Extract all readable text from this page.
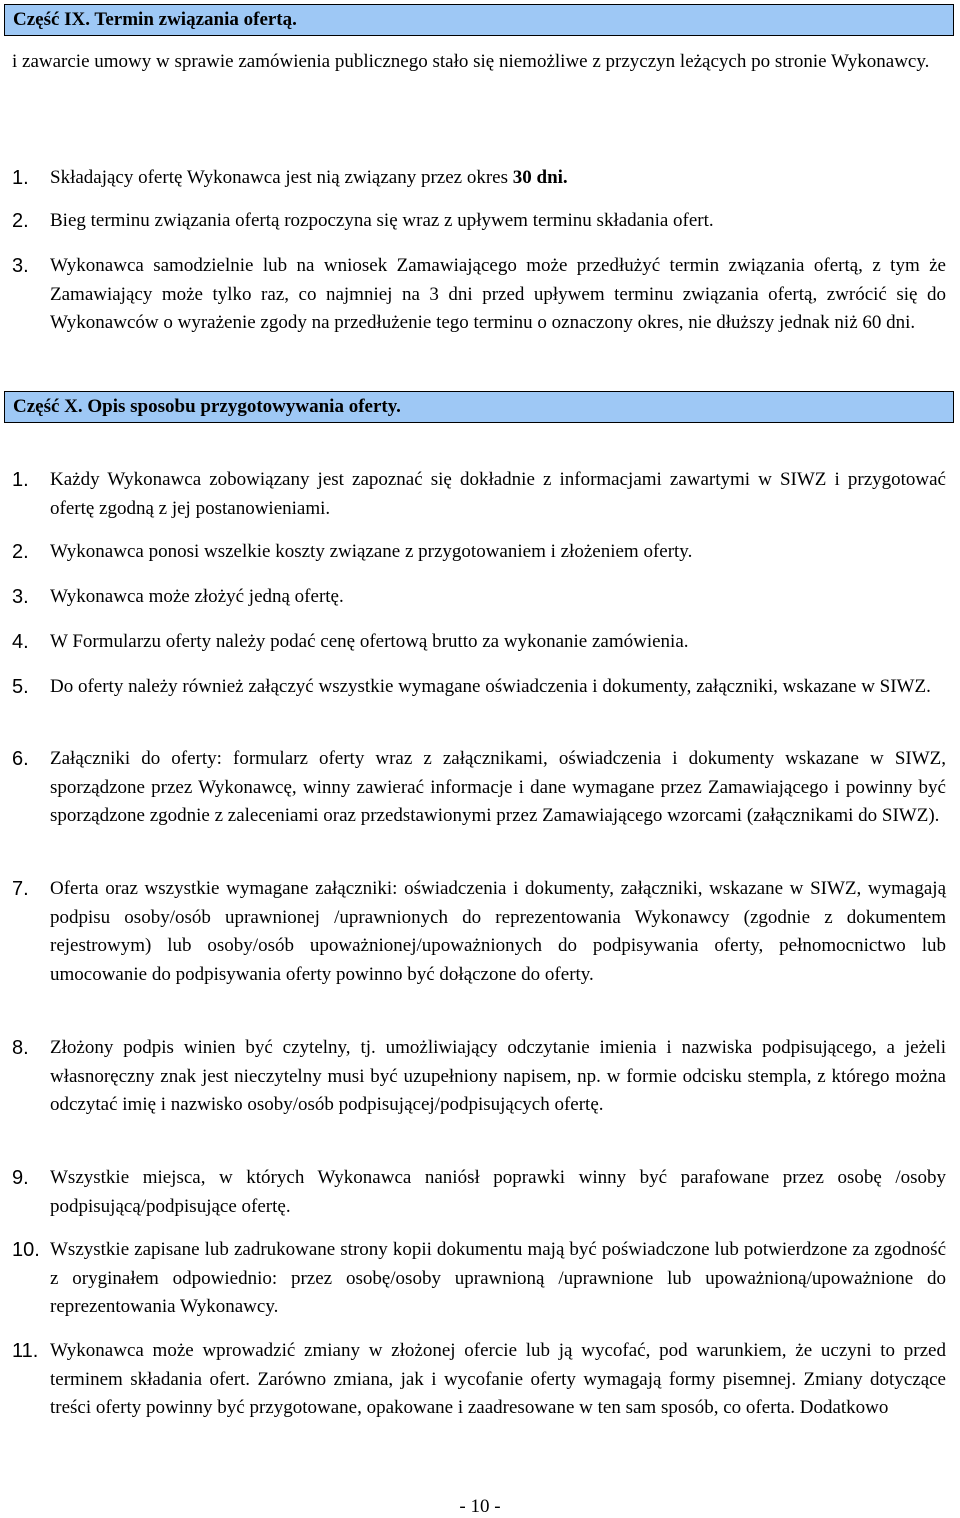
Część IX. Termin związania ofertą.
i zawarcie umowy w sprawie zamówienia publicznego stało się niemożliwe z przyczyn leżących po stronie Wykonawcy.
1. Składający ofertę Wykonawca jest nią związany przez okres 30 dni.
2. Bieg terminu związania ofertą rozpoczyna się wraz z upływem terminu składania ofert.
3. Wykonawca samodzielnie lub na wniosek Zamawiającego może przedłużyć termin związania ofertą, z tym że Zamawiający może tylko raz, co najmniej na 3 dni przed upływem terminu związania ofertą, zwrócić się do Wykonawców o wyrażenie zgody na przedłużenie tego terminu o oznaczony okres, nie dłuższy jednak niż 60 dni.
Część X. Opis sposobu przygotowywania oferty.
1. Każdy Wykonawca zobowiązany jest zapoznać się dokładnie z informacjami zawartymi w SIWZ i przygotować ofertę zgodną z jej postanowieniami.
2. Wykonawca ponosi wszelkie koszty związane z przygotowaniem i złożeniem oferty.
3. Wykonawca może złożyć jedną ofertę.
4. W Formularzu oferty należy podać cenę ofertową brutto za wykonanie zamówienia.
5. Do oferty należy również załączyć wszystkie wymagane oświadczenia i dokumenty, załączniki, wskazane w SIWZ.
6. Załączniki do oferty: formularz oferty wraz z załącznikami, oświadczenia i dokumenty wskazane w SIWZ, sporządzone przez Wykonawcę, winny zawierać informacje i dane wymagane przez Zamawiającego i powinny być sporządzone zgodnie z zaleceniami oraz przedstawionymi przez Zamawiającego wzorcami (załącznikami do SIWZ).
7. Oferta oraz wszystkie wymagane załączniki: oświadczenia i dokumenty, załączniki, wskazane w SIWZ, wymagają podpisu osoby/osób uprawnionej /uprawnionych do reprezentowania Wykonawcy (zgodnie z dokumentem rejestrowym) lub osoby/osób upoważnionej/upoważnionych do podpisywania oferty, pełnomocnictwo lub umocowanie do podpisywania oferty powinno być dołączone do oferty.
8. Złożony podpis winien być czytelny, tj. umożliwiający odczytanie imienia i nazwiska podpisującego, a jeżeli własnoręczny znak jest nieczytelny musi być uzupełniony napisem, np. w formie odcisku stempla, z którego można odczytać imię i nazwisko osoby/osób podpisującej/podpisujących ofertę.
9. Wszystkie miejsca, w których Wykonawca naniósł poprawki winny być parafowane przez osobę /osoby podpisującą/podpisujące ofertę.
10. Wszystkie zapisane lub zadrukowane strony kopii dokumentu mają być poświadczone lub potwierdzone za zgodność z oryginałem odpowiednio: przez osobę/osoby uprawnioną /uprawnione lub upoważnioną/upoważnione do reprezentowania Wykonawcy.
11. Wykonawca może wprowadzić zmiany w złożonej ofercie lub ją wycofać, pod warunkiem, że uczyni to przed terminem składania ofert. Zarówno zmiana, jak i wycofanie oferty wymagają formy pisemnej. Zmiany dotyczące treści oferty powinny być przygotowane, opakowane i zaadresowane w ten sam sposób, co oferta. Dodatkowo
- 10 -
